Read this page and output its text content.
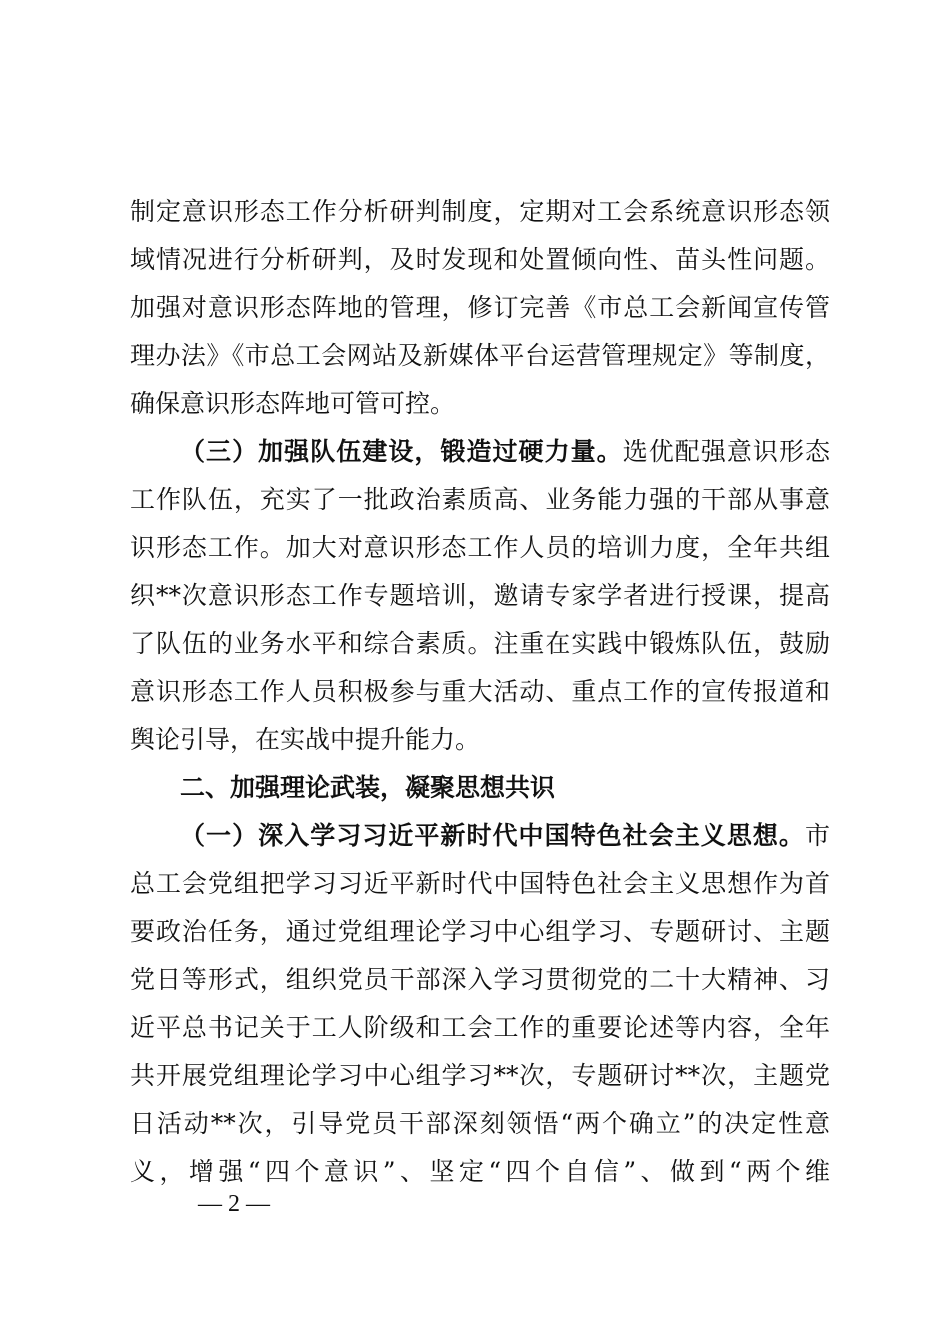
制定意识形态工作分析研判制度，定期对工会系统意识形态领
域情况进行分析研判，及时发现和处置倾向性、苗头性问题。
加强对意识形态阵地的管理，修订完善《市总工会新闻宣传管
理办法》《市总工会网站及新媒体平台运营管理规定》等制度，
确保意识形态阵地可管可控。
（三）加强队伍建设，锻造过硬力量。选优配强意识形态
工作队伍，充实了一批政治素质高、业务能力强的干部从事意
识形态工作。加大对意识形态工作人员的培训力度，全年共组
织**次意识形态工作专题培训，邀请专家学者进行授课，提高
了队伍的业务水平和综合素质。注重在实践中锻炼队伍，鼓励
意识形态工作人员积极参与重大活动、重点工作的宣传报道和
舆论引导，在实战中提升能力。
二、加强理论武装，凝聚思想共识
（一）深入学习习近平新时代中国特色社会主义思想。市
总工会党组把学习习近平新时代中国特色社会主义思想作为首
要政治任务，通过党组理论学习中心组学习、专题研讨、主题
党日等形式，组织党员干部深入学习贯彻党的二十大精神、习
近平总书记关于工人阶级和工会工作的重要论述等内容，全年
共开展党组理论学习中心组学习**次，专题研讨**次，主题党
日活动**次，引导党员干部深刻领悟“两个确立”的决定性意
义，增强“四个意识”、坚定“四个自信”、做到“两个维
— 2 —
